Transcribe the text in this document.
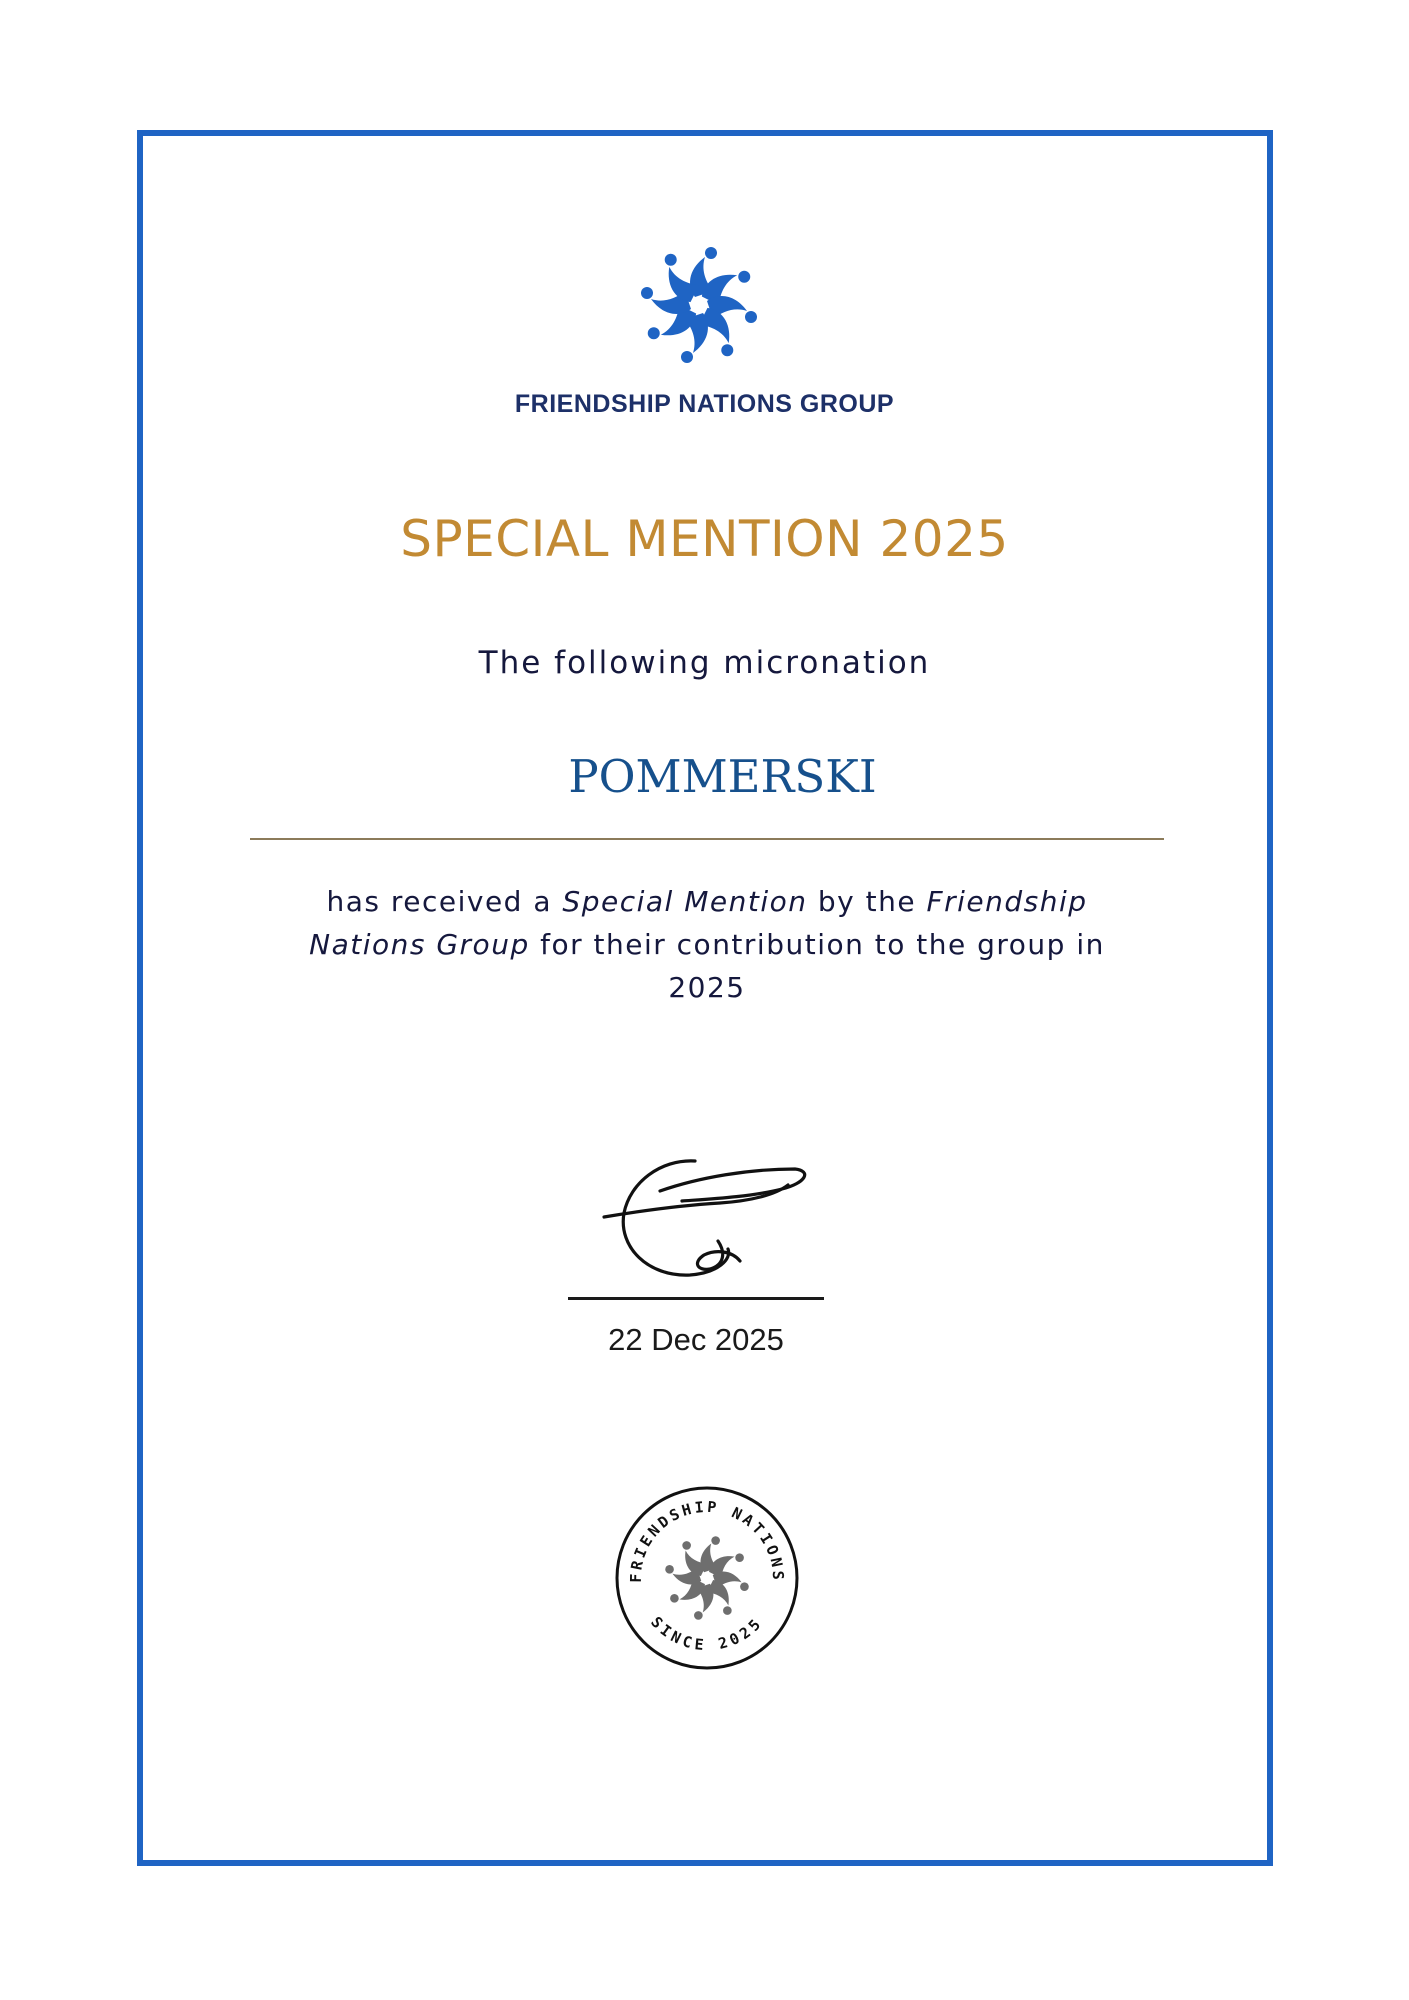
FRIENDSHIP NATIONS GROUP
SPECIAL MENTION 2025
The following micronation
POMMERSKI
has received a Special Mention by the Friendship Nations Group for their contribution to the group in 2025
22 Dec 2025
FRIENDSHIP NATIONS
SINCE 2025
